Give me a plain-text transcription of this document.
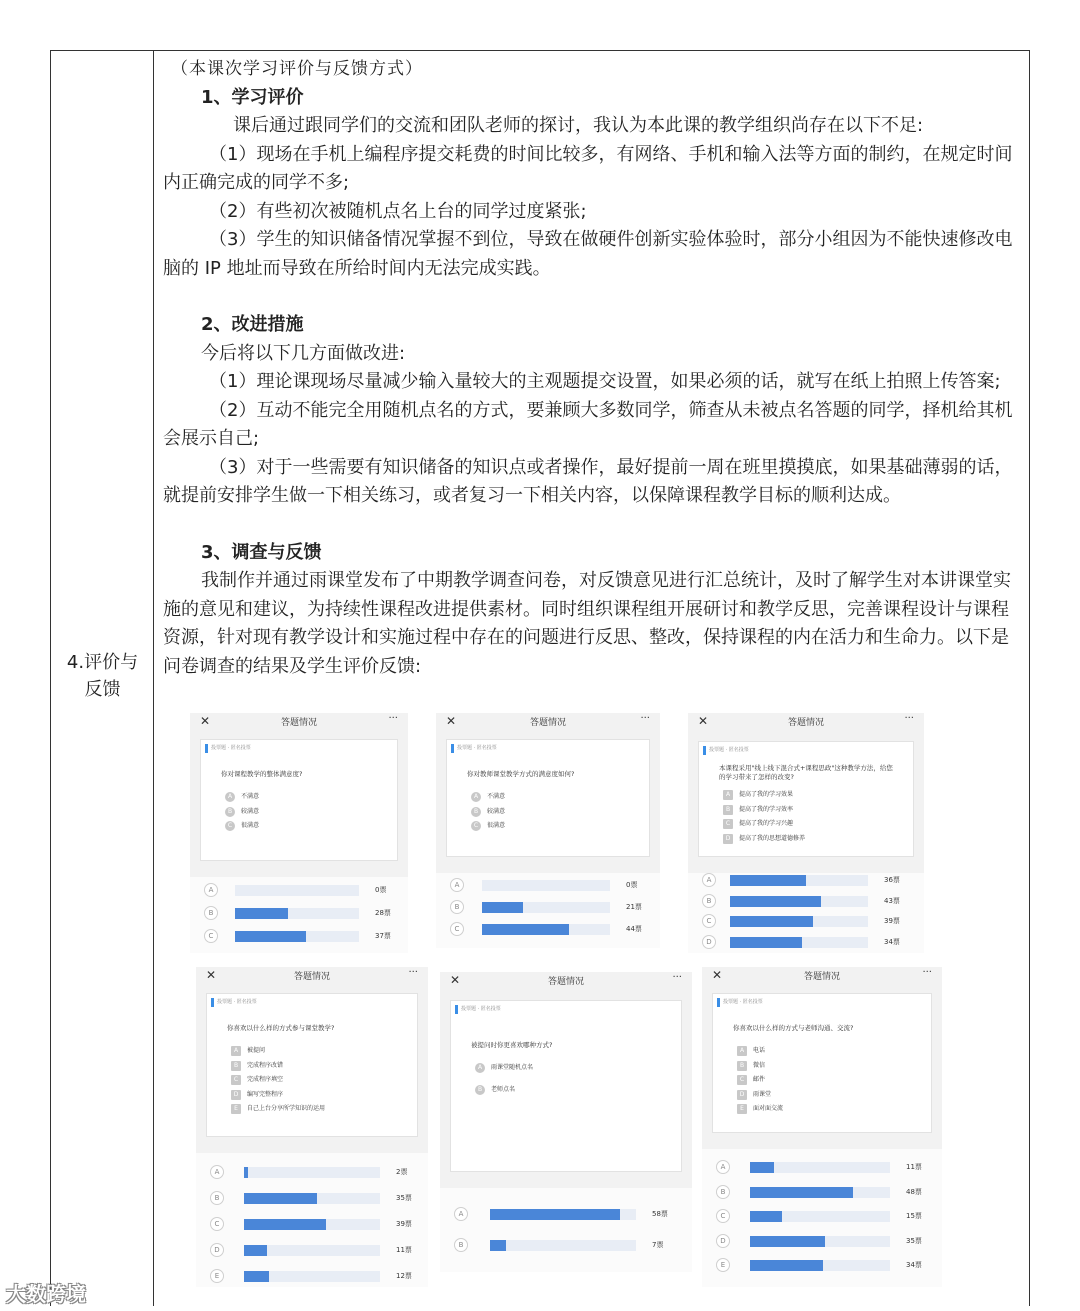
4.评价与
反馈

（本课次学习评价与反馈方式）

1、学习评价

课后通过跟同学们的交流和团队老师的探讨，我认为本此课的教学组织尚存在以下不足:

（1）现场在手机上编程序提交耗费的时间比较多，有网络、手机和输入法等方面的制约，在规定时间内正确完成的同学不多;

（2）有些初次被随机点名上台的同学过度紧张;

（3）学生的知识储备情况掌握不到位，导致在做硬件创新实验体验时，部分小组因为不能快速修改电脑的 IP 地址而导致在所给时间内无法完成实践。

2、改进措施

今后将以下几方面做改进:

（1）理论课现场尽量减少输入量较大的主观题提交设置，如果必须的话，就写在纸上拍照上传答案;

（2）互动不能完全用随机点名的方式，要兼顾大多数同学，筛查从未被点名答题的同学，择机给其机会展示自己;

（3）对于一些需要有知识储备的知识点或者操作，最好提前一周在班里摸摸底，如果基础薄弱的话，就提前安排学生做一下相关练习，或者复习一下相关内容，以保障课程教学目标的顺利达成。

3、调查与反馈

我制作并通过雨课堂发布了中期教学调查问卷，对反馈意见进行汇总统计，及时了解学生对本讲课堂实施的意见和建议，为持续性课程改进提供素材。同时组织课程组开展研讨和教学反思，完善课程设计与课程资源，针对现有教学设计和实施过程中存在的问题进行反思、整改，保持课程的内在活力和生命力。以下是问卷调查的结果及学生评价反馈:

✕	答题情况	···
投票题 · 匿名投票
你对课程教学的整体满意度?
A 不满意
B 较满意
C 很满意
A	0票
B	28票
C	37票
✕	答题情况	···
投票题 · 匿名投票
你对教师课堂教学方式的满意度如何?
A 不满意
B 较满意
C 很满意
A	0票
B	21票
C	44票
✕	答题情况	···
投票题 · 匿名投票
本课程采用"线上线下混合式+课程思政"这种教学方法，给您的学习带来了怎样的改变?
A 提高了我的学习效果
B 提高了我的学习效率
C 提高了我的学习兴趣
D 提高了我的思想道德修养
A	36票
B	43票
C	39票
D	34票
✕	答题情况	···
投票题 · 匿名投票
你喜欢以什么样的方式参与课堂教学?
A 被提问
B 完成程序改错
C 完成程序填空
D 编写完整程序
E 自己上台分享所学知识的运用
A	2票
B	35票
C	39票
D	11票
E	12票
✕	答题情况	···
投票题 · 匿名投票
被提问时你更喜欢哪种方式?
A 雨课堂随机点名
B 老师点名
A	58票
B	7票
✕	答题情况	···
投票题 · 匿名投票
你喜欢以什么样的方式与老师沟通、交流?
A 电话
B 微信
C 邮件
D 雨课堂
E 面对面交流
A	11票
B	48票
C	15票
D	35票
E	34票
大数跨境
